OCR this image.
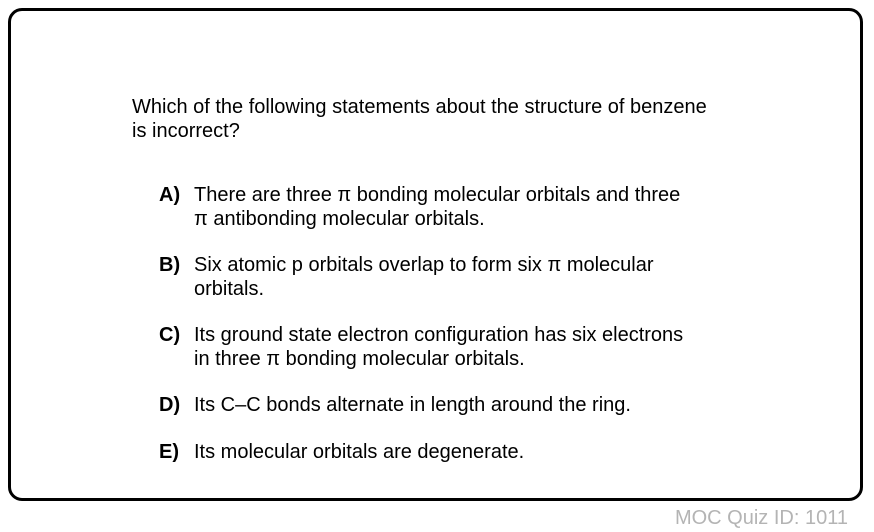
Which of the following statements about the structure of benzene
is incorrect?

A) There are three π bonding molecular orbitals and three
π antibonding molecular orbitals.
B) Six atomic p orbitals overlap to form six π molecular
orbitals.
C) Its ground state electron configuration has six electrons
in three π bonding molecular orbitals.
D) Its C–C bonds alternate in length around the ring.
E) Its molecular orbitals are degenerate.
MOC Quiz ID: 1011
